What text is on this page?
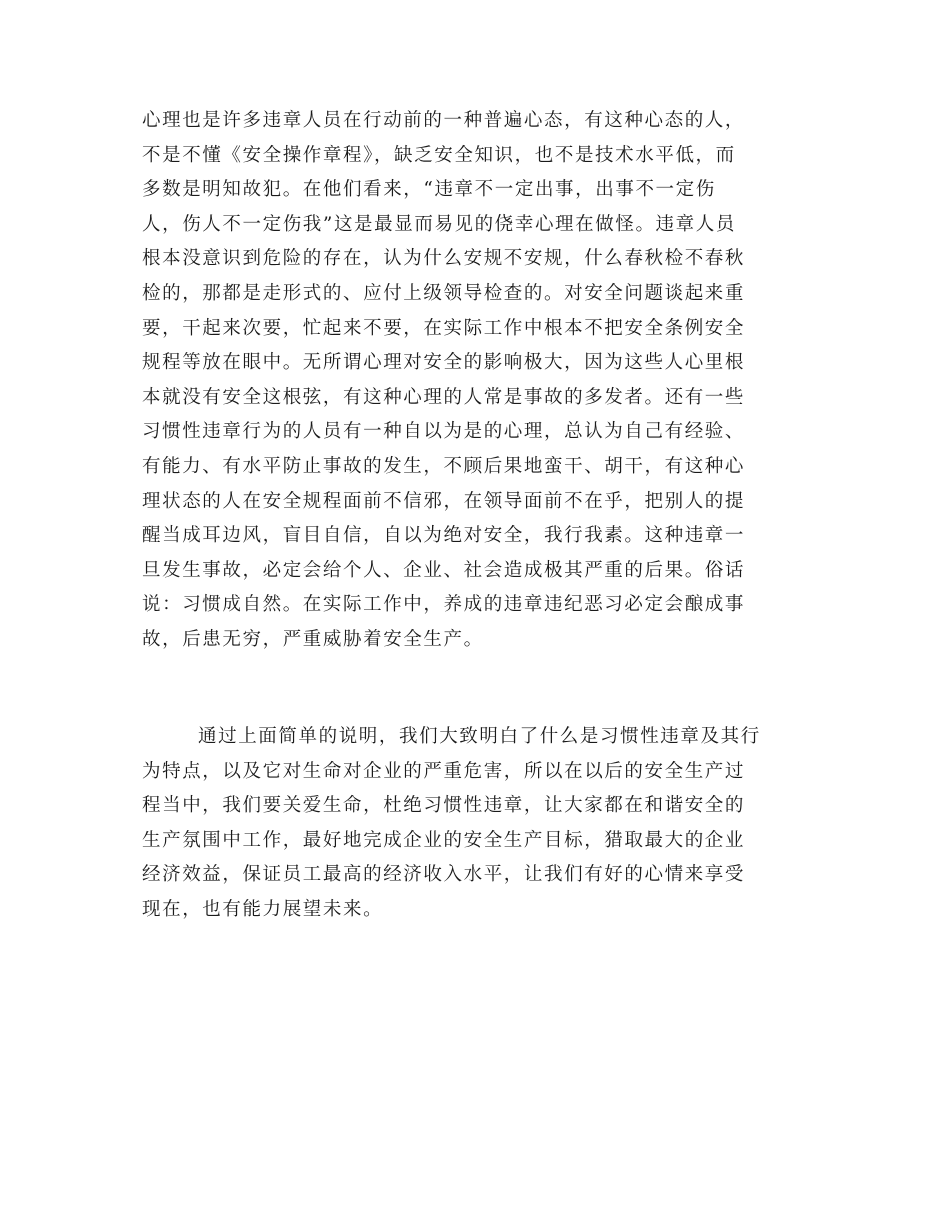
心理也是许多违章人员在行动前的一种普遍心态，有这种心态的人，
不是不懂《安全操作章程》，缺乏安全知识，也不是技术水平低，而
多数是明知故犯。在他们看来，“违章不一定出事，出事不一定伤
人，伤人不一定伤我”这是最显而易见的侥幸心理在做怪。违章人员
根本没意识到危险的存在，认为什么安规不安规，什么春秋检不春秋
检的，那都是走形式的、应付上级领导检查的。对安全问题谈起来重
要，干起来次要，忙起来不要，在实际工作中根本不把安全条例安全
规程等放在眼中。无所谓心理对安全的影响极大，因为这些人心里根
本就没有安全这根弦，有这种心理的人常是事故的多发者。还有一些
习惯性违章行为的人员有一种自以为是的心理，总认为自己有经验、
有能力、有水平防止事故的发生，不顾后果地蛮干、胡干，有这种心
理状态的人在安全规程面前不信邪，在领导面前不在乎，把别人的提
醒当成耳边风，盲目自信，自以为绝对安全，我行我素。这种违章一
旦发生事故，必定会给个人、企业、社会造成极其严重的后果。俗话
说：习惯成自然。在实际工作中，养成的违章违纪恶习必定会酿成事
故，后患无穷，严重威胁着安全生产。
通过上面简单的说明，我们大致明白了什么是习惯性违章及其行
为特点，以及它对生命对企业的严重危害，所以在以后的安全生产过
程当中，我们要关爱生命，杜绝习惯性违章，让大家都在和谐安全的
生产氛围中工作，最好地完成企业的安全生产目标，猎取最大的企业
经济效益，保证员工最高的经济收入水平，让我们有好的心情来享受
现在，也有能力展望未来。
